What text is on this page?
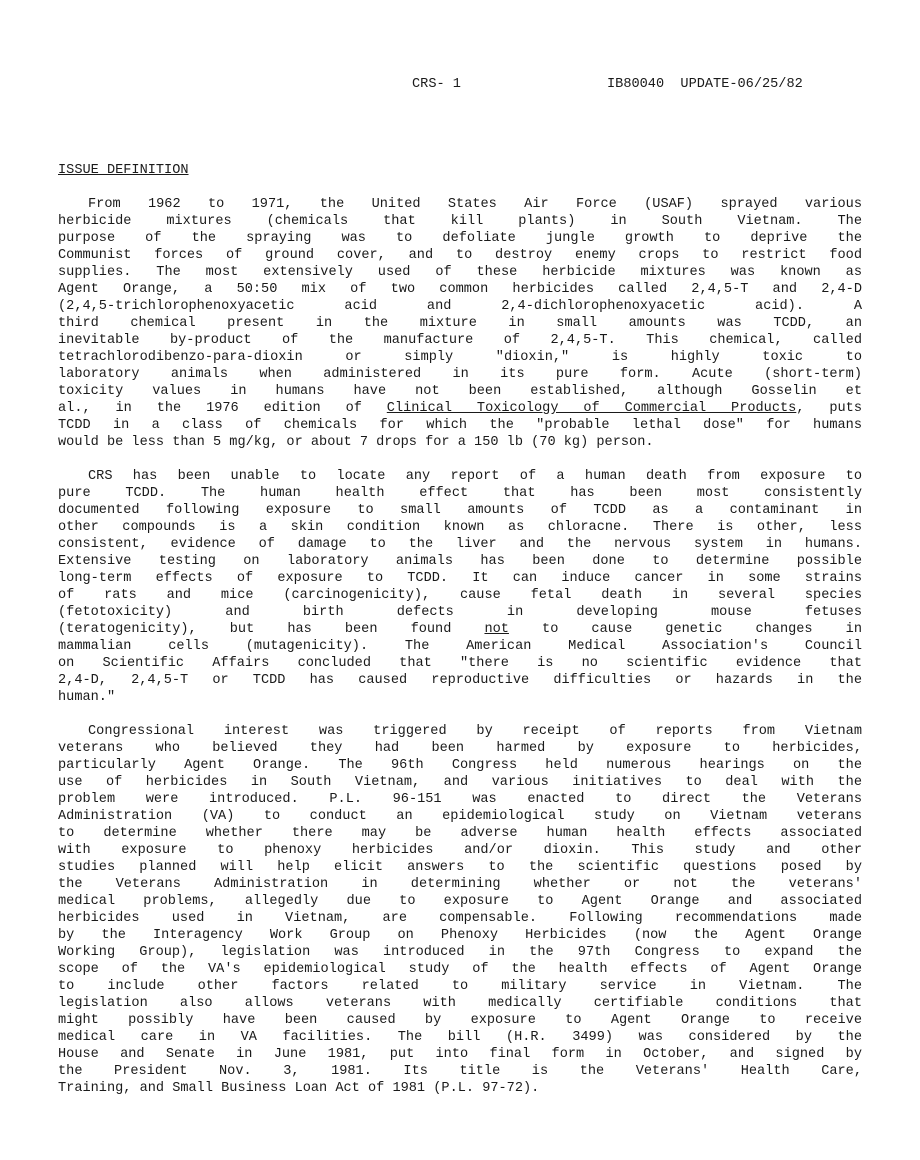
CRS- 1	IB80040  UPDATE-06/25/82
ISSUE DEFINITION
From 1962 to 1971, the United States Air Force (USAF) sprayed various
herbicide mixtures (chemicals that kill plants) in South Vietnam. The
purpose of the spraying was to defoliate jungle growth to deprive the
Communist forces of ground cover, and to destroy enemy crops to restrict food
supplies. The most extensively used of these herbicide mixtures was known as
Agent Orange, a 50:50 mix of two common herbicides called 2,4,5-T and 2,4-D
(2,4,5-trichlorophenoxyacetic acid and 2,4-dichlorophenoxyacetic acid). A
third chemical present in the mixture in small amounts was TCDD, an
inevitable by-product of the manufacture of 2,4,5-T. This chemical, called
tetrachlorodibenzo-para-dioxin or simply "dioxin," is highly toxic to
laboratory animals when administered in its pure form. Acute (short-term)
toxicity values in humans have not been established, although Gosselin et
al., in the 1976 edition of Clinical Toxicology of Commercial Products, puts
TCDD in a class of chemicals for which the "probable lethal dose" for humans
would be less than 5 mg/kg, or about 7 drops for a 150 lb (70 kg) person.
CRS has been unable to locate any report of a human death from exposure to
pure TCDD. The human health effect that has been most consistently
documented following exposure to small amounts of TCDD as a contaminant in
other compounds is a skin condition known as chloracne. There is other, less
consistent, evidence of damage to the liver and the nervous system in humans.
Extensive testing on laboratory animals has been done to determine possible
long-term effects of exposure to TCDD. It can induce cancer in some strains
of rats and mice (carcinogenicity), cause fetal death in several species
(fetotoxicity) and birth defects in developing mouse fetuses
(teratogenicity), but has been found not to cause genetic changes in
mammalian cells (mutagenicity). The American Medical Association's Council
on Scientific Affairs concluded that "there is no scientific evidence that
2,4-D, 2,4,5-T or TCDD has caused reproductive difficulties or hazards in the
human."
Congressional interest was triggered by receipt of reports from Vietnam
veterans who believed they had been harmed by exposure to herbicides,
particularly Agent Orange. The 96th Congress held numerous hearings on the
use of herbicides in South Vietnam, and various initiatives to deal with the
problem were introduced. P.L. 96-151 was enacted to direct the Veterans
Administration (VA) to conduct an epidemiological study on Vietnam veterans
to determine whether there may be adverse human health effects associated
with exposure to phenoxy herbicides and/or dioxin. This study and other
studies planned will help elicit answers to the scientific questions posed by
the Veterans Administration in determining whether or not the veterans'
medical problems, allegedly due to exposure to Agent Orange and associated
herbicides used in Vietnam, are compensable. Following recommendations made
by the Interagency Work Group on Phenoxy Herbicides (now the Agent Orange
Working Group), legislation was introduced in the 97th Congress to expand the
scope of the VA's epidemiological study of the health effects of Agent Orange
to include other factors related to military service in Vietnam. The
legislation also allows veterans with medically certifiable conditions that
might possibly have been caused by exposure to Agent Orange to receive
medical care in VA facilities. The bill (H.R. 3499) was considered by the
House and Senate in June 1981, put into final form in October, and signed by
the President Nov. 3, 1981. Its title is the Veterans' Health Care,
Training, and Small Business Loan Act of 1981 (P.L. 97-72).
